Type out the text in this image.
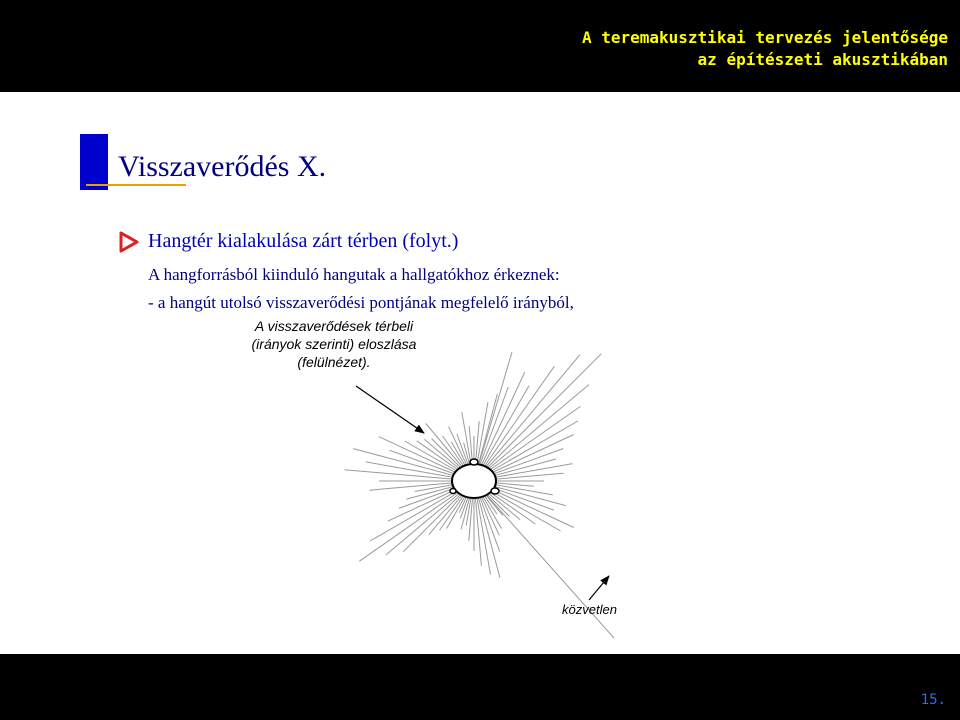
A teremakusztikai tervezés jelentősége
az építészeti akusztikában
Visszaverődés X.
Hangtér kialakulása zárt térben (folyt.)
A hangforrásból kiinduló hangutak a hallgatókhoz érkeznek:
- a hangút utolsó visszaverődési pontjának megfelelő irányból,
A visszaverődések térbeli
(irányok szerinti) eloszlása
(felülnézet).
közvetlen
15.
